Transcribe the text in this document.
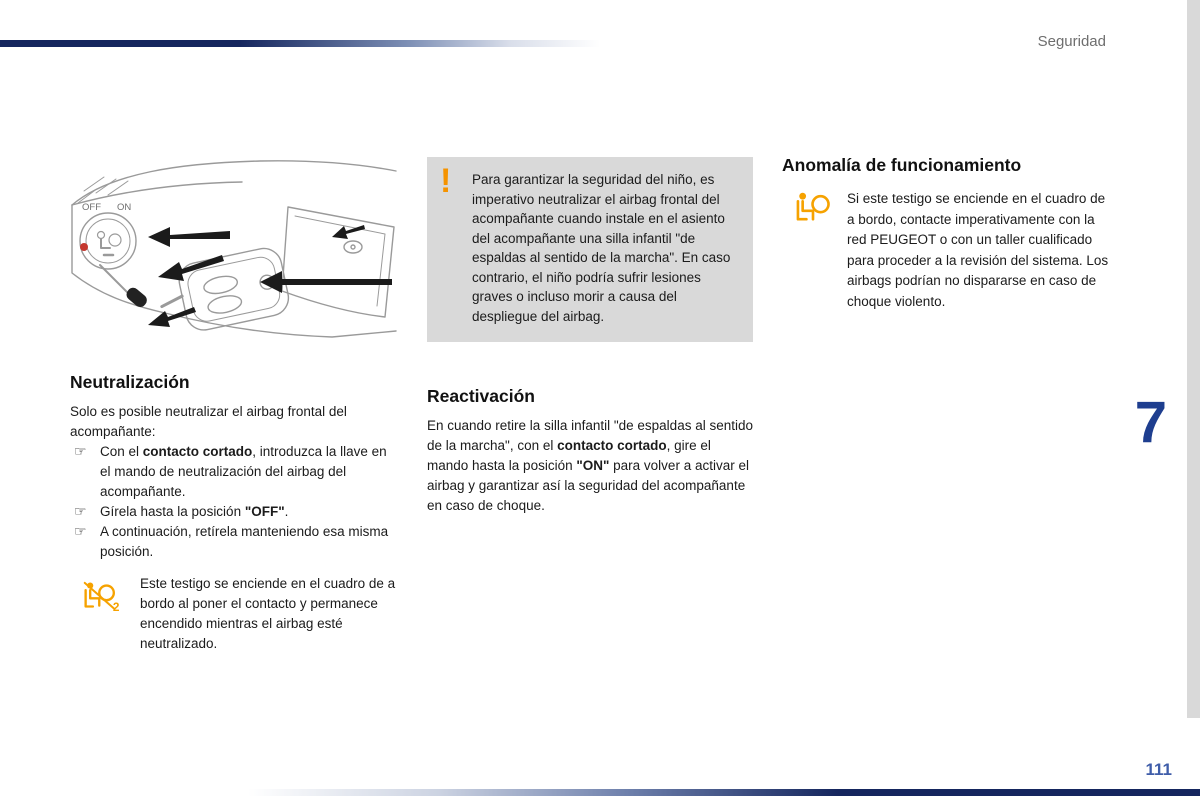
Seguridad
7
111
OFF ON
Neutralización

Solo es posible neutralizar el airbag frontal del acompañante:

☞ Con el contacto cortado, introduzca la llave en el mando de neutralización del airbag del acompañante.
☞ Gírela hasta la posición "OFF".
☞ A continuación, retírela manteniendo esa misma posición.
2

Este testigo se enciende en el cuadro de a bordo al poner el contacto y permanece encendido mientras el airbag esté neutralizado.

! Para garantizar la seguridad del niño, es imperativo neutralizar el airbag frontal del acompañante cuando instale en el asiento del acompañante una silla infantil "de espaldas al sentido de la marcha". En caso contrario, el niño podría sufrir lesiones graves o incluso morir a causa del despliegue del airbag.

Reactivación

En cuando retire la silla infantil "de espaldas al sentido de la marcha", con el contacto cortado, gire el mando hasta la posición "ON" para volver a activar el airbag y garantizar así la seguridad del acompañante en caso de choque.

Anomalía de funcionamiento

Si este testigo se enciende en el cuadro de a bordo, contacte imperativamente con la red PEUGEOT o con un taller cualificado para proceder a la revisión del sistema. Los airbags podrían no dispararse en caso de choque violento.
